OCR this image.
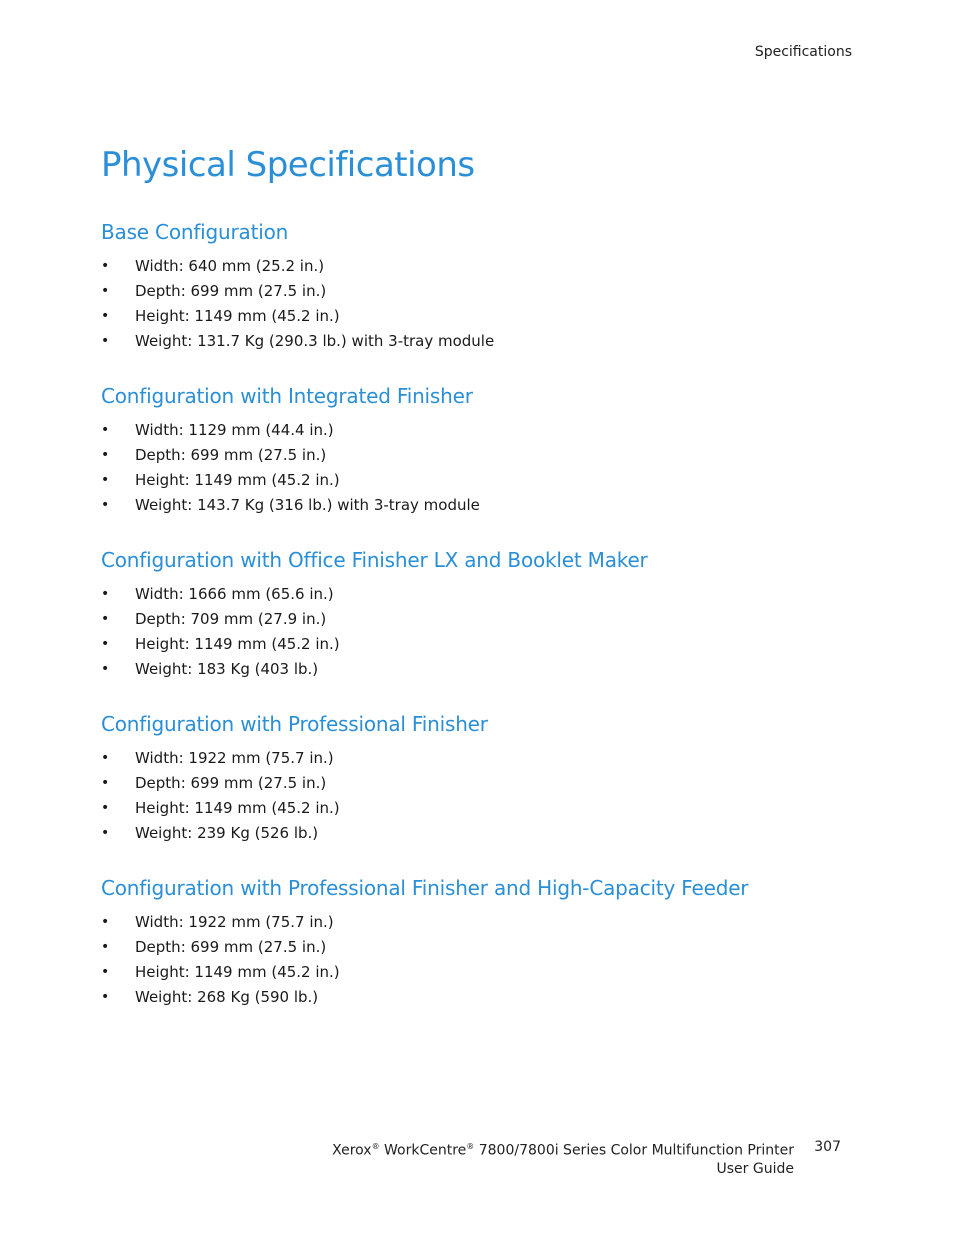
Specifications
Physical Specifications
Base Configuration
• Width: 640 mm (25.2 in.)
• Depth: 699 mm (27.5 in.)
• Height: 1149 mm (45.2 in.)
• Weight: 131.7 Kg (290.3 lb.) with 3-tray module
Configuration with Integrated Finisher
• Width: 1129 mm (44.4 in.)
• Depth: 699 mm (27.5 in.)
• Height: 1149 mm (45.2 in.)
• Weight: 143.7 Kg (316 lb.) with 3-tray module
Configuration with Office Finisher LX and Booklet Maker
• Width: 1666 mm (65.6 in.)
• Depth: 709 mm (27.9 in.)
• Height: 1149 mm (45.2 in.)
• Weight: 183 Kg (403 lb.)
Configuration with Professional Finisher
• Width: 1922 mm (75.7 in.)
• Depth: 699 mm (27.5 in.)
• Height: 1149 mm (45.2 in.)
• Weight: 239 Kg (526 lb.)
Configuration with Professional Finisher and High-Capacity Feeder
• Width: 1922 mm (75.7 in.)
• Depth: 699 mm (27.5 in.)
• Height: 1149 mm (45.2 in.)
• Weight: 268 Kg (590 lb.)
Xerox® WorkCentre® 7800/7800i Series Color Multifunction Printer
User Guide
307
